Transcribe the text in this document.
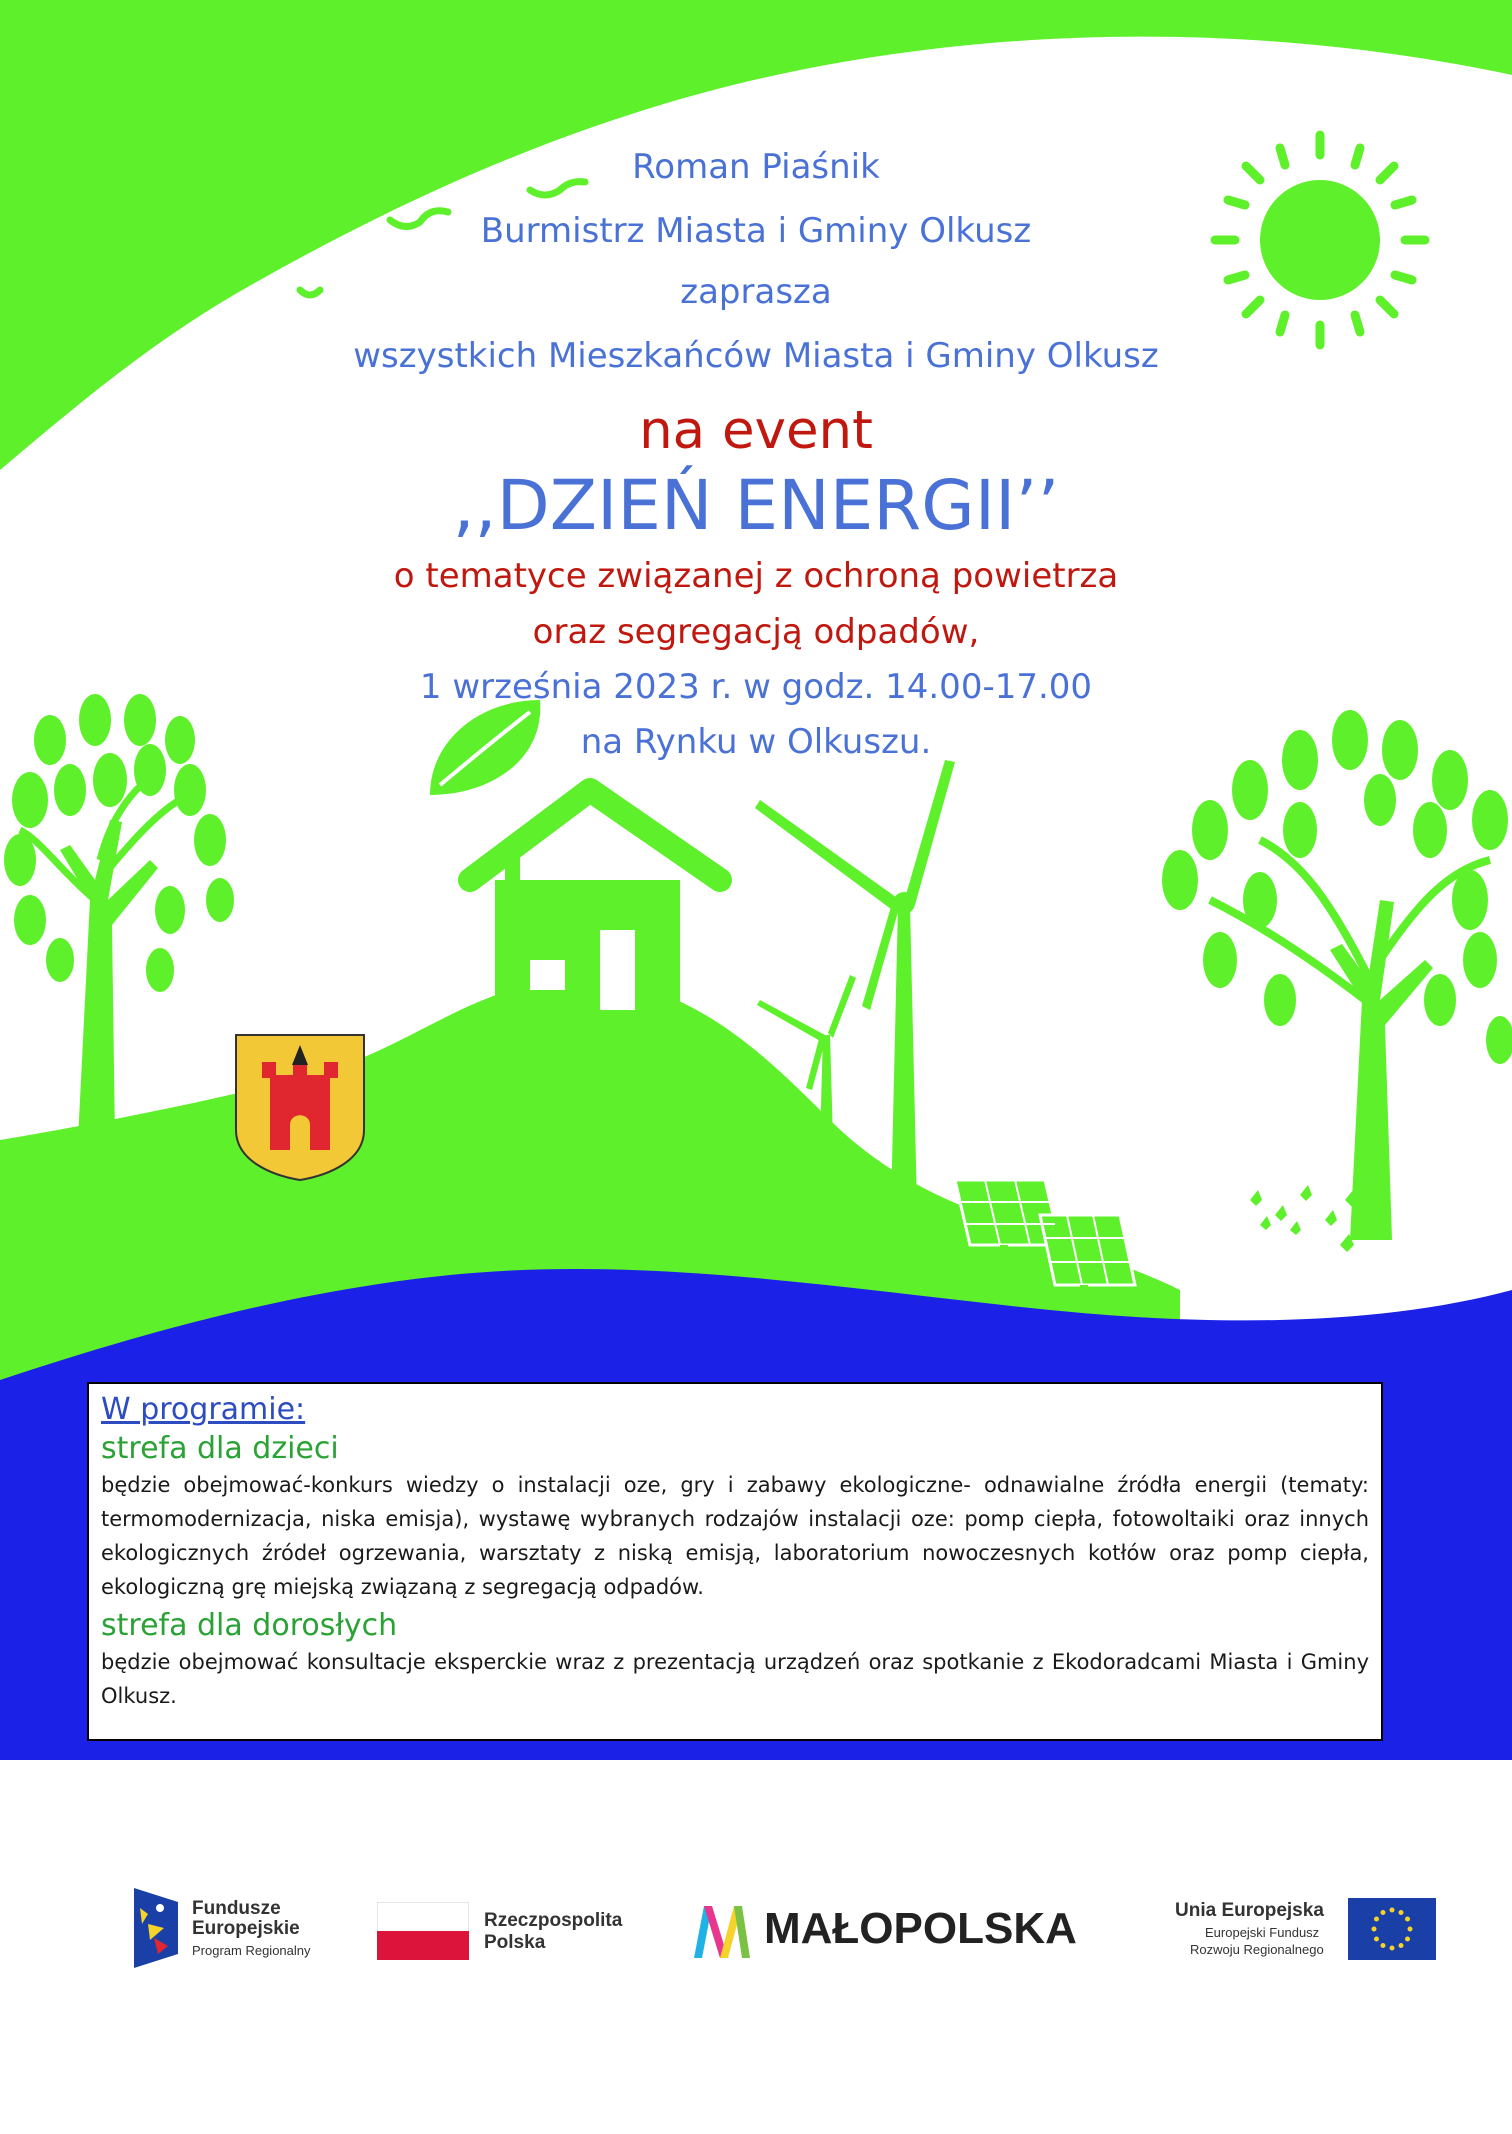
Roman Piaśnik

Burmistrz Miasta i Gminy Olkusz

zaprasza

wszystkich Mieszkańców Miasta i Gminy Olkusz

na event

,,DZIEŃ ENERGII’’

o tematyce związanej z ochroną powietrza

oraz segregacją odpadów,

1 września 2023 r. w godz. 14.00-17.00

na Rynku w Olkuszu.

W programie:

strefa dla dzieci

będzie obejmować-konkurs wiedzy o instalacji oze, gry i zabawy ekologiczne- odnawialne źródła energii (tematy: termomodernizacja, niska emisja), wystawę wybranych rodzajów instalacji oze: pomp ciepła, fotowoltaiki oraz innych ekologicznych źródeł ogrzewania, warsztaty z niską emisją, laboratorium nowoczesnych kotłów oraz pomp ciepła, ekologiczną grę miejską związaną z segregacją odpadów.

strefa dla dorosłych

będzie obejmować konsultacje eksperckie wraz z prezentacją urządzeń oraz spotkanie z Ekodoradcami Miasta i Gminy Olkusz.

Fundusze
Europejskie
Program Regionalny
Rzeczpospolita
Polska	MAŁOPOLSKA	Unia Europejska
Europejski Fundusz
Rozwoju Regionalnego
